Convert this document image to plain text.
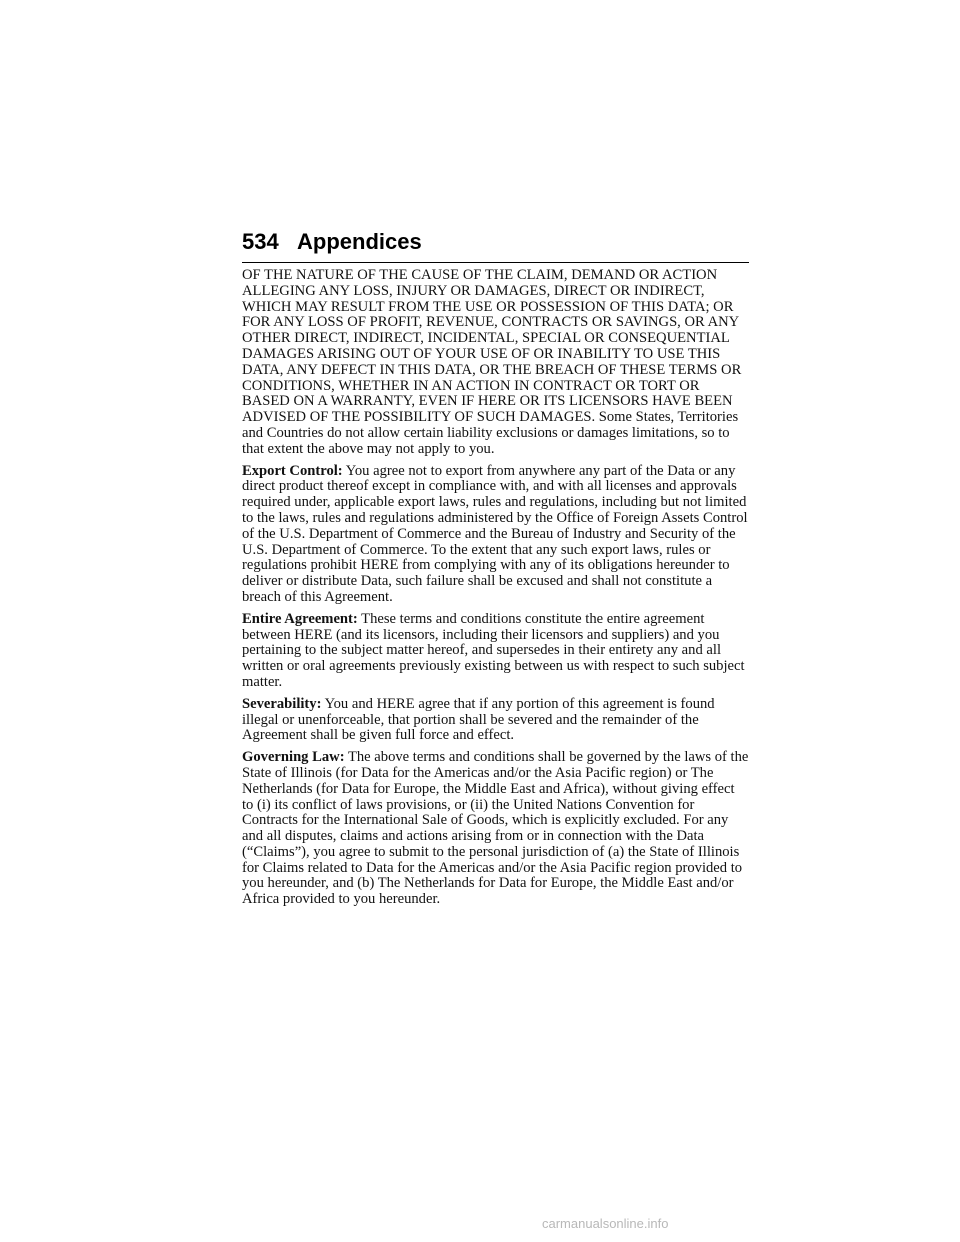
534 Appendices

OF THE NATURE OF THE CAUSE OF THE CLAIM, DEMAND OR ACTION ALLEGING ANY LOSS, INJURY OR DAMAGES, DIRECT OR INDIRECT, WHICH MAY RESULT FROM THE USE OR POSSESSION OF THIS DATA; OR FOR ANY LOSS OF PROFIT, REVENUE, CONTRACTS OR SAVINGS, OR ANY OTHER DIRECT, INDIRECT, INCIDENTAL, SPECIAL OR CONSEQUENTIAL DAMAGES ARISING OUT OF YOUR USE OF OR INABILITY TO USE THIS DATA, ANY DEFECT IN THIS DATA, OR THE BREACH OF THESE TERMS OR CONDITIONS, WHETHER IN AN ACTION IN CONTRACT OR TORT OR BASED ON A WARRANTY, EVEN IF HERE OR ITS LICENSORS HAVE BEEN ADVISED OF THE POSSIBILITY OF SUCH DAMAGES. Some States, Territories and Countries do not allow certain liability exclusions or damages limitations, so to that extent the above may not apply to you.

Export Control: You agree not to export from anywhere any part of the Data or any direct product thereof except in compliance with, and with all licenses and approvals required under, applicable export laws, rules and regulations, including but not limited to the laws, rules and regulations administered by the Office of Foreign Assets Control of the U.S. Department of Commerce and the Bureau of Industry and Security of the U.S. Department of Commerce. To the extent that any such export laws, rules or regulations prohibit HERE from complying with any of its obligations hereunder to deliver or distribute Data, such failure shall be excused and shall not constitute a breach of this Agreement.

Entire Agreement: These terms and conditions constitute the entire agreement between HERE (and its licensors, including their licensors and suppliers) and you pertaining to the subject matter hereof, and supersedes in their entirety any and all written or oral agreements previously existing between us with respect to such subject matter.

Severability: You and HERE agree that if any portion of this agreement is found illegal or unenforceable, that portion shall be severed and the remainder of the Agreement shall be given full force and effect.

Governing Law: The above terms and conditions shall be governed by the laws of the State of Illinois (for Data for the Americas and/or the Asia Pacific region) or The Netherlands (for Data for Europe, the Middle East and Africa), without giving effect to (i) its conflict of laws provisions, or (ii) the United Nations Convention for Contracts for the International Sale of Goods, which is explicitly excluded. For any and all disputes, claims and actions arising from or in connection with the Data (“Claims”), you agree to submit to the personal jurisdiction of (a) the State of Illinois for Claims related to Data for the Americas and/or the Asia Pacific region provided to you hereunder, and (b) The Netherlands for Data for Europe, the Middle East and/or Africa provided to you hereunder.

carmanualsonline.info
